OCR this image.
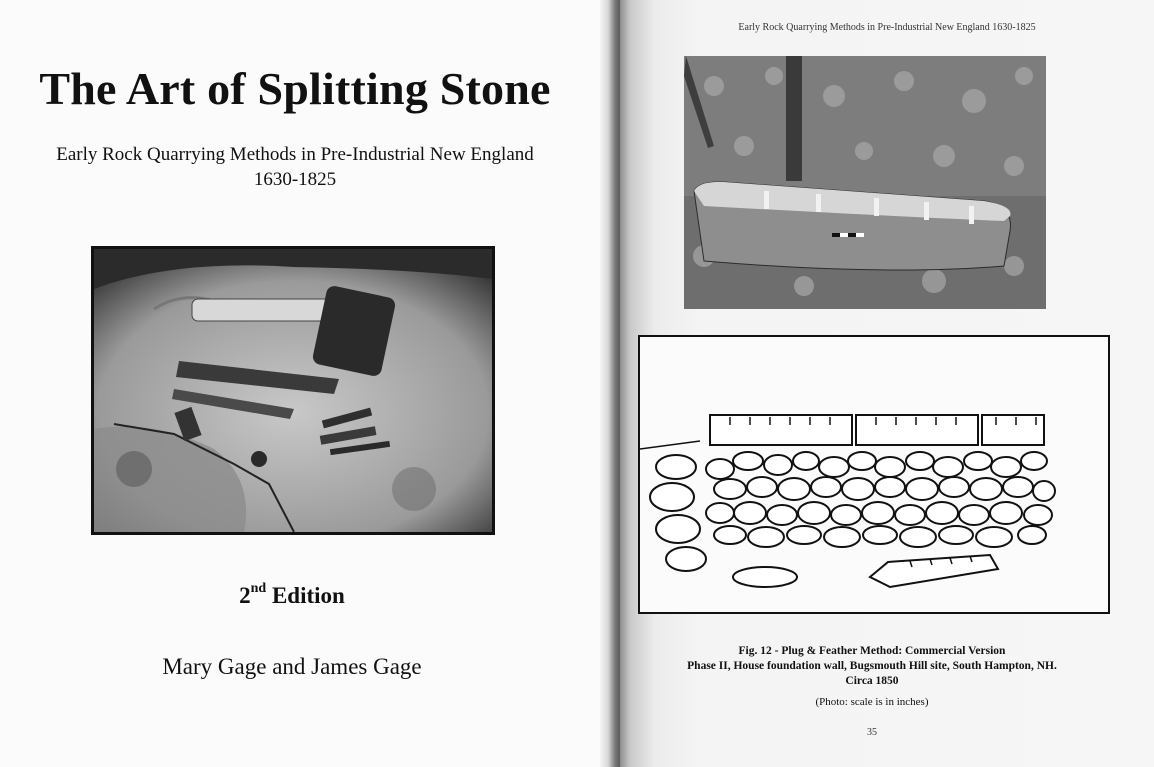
The Art of Splitting Stone
Early Rock Quarrying Methods in Pre-Industrial New England
1630-1825
2nd Edition
Mary Gage and James Gage
Early Rock Quarrying Methods in Pre-Industrial New England 1630-1825
Fig. 12 - Plug & Feather Method: Commercial Version
Phase II, House foundation wall, Bugsmouth Hill site, South Hampton, NH.
Circa 1850
(Photo: scale is in inches)
35
